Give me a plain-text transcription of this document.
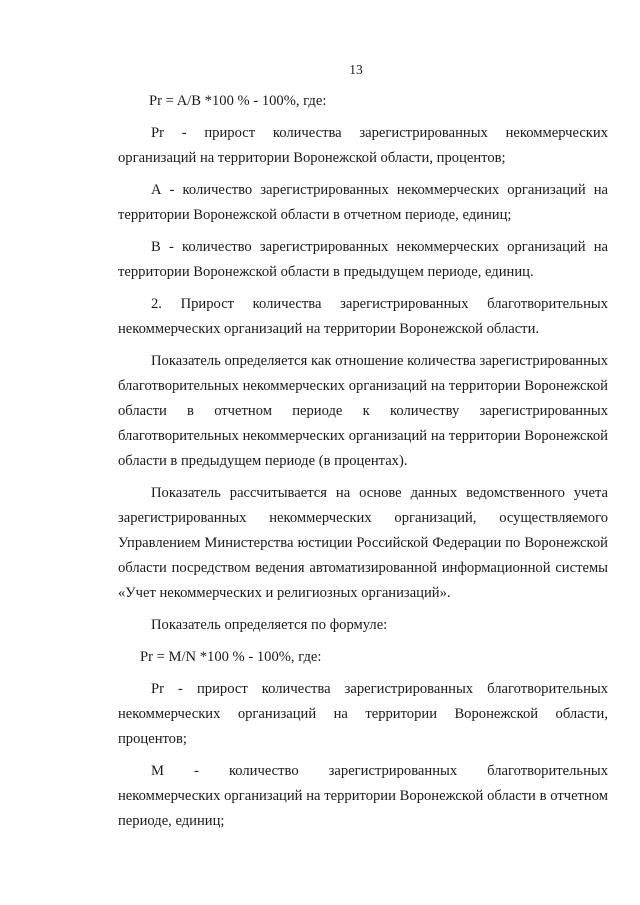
13

Pr = A/B *100 % - 100%, где:

Pr - прирост количества зарегистрированных некоммерческих организаций на территории Воронежской области, процентов;

А - количество зарегистрированных некоммерческих организаций на территории Воронежской области в отчетном периоде, единиц;

В - количество зарегистрированных некоммерческих организаций на территории Воронежской области в предыдущем периоде, единиц.

2. Прирост количества зарегистрированных благотворительных некоммерческих организаций на территории Воронежской области.

Показатель определяется как отношение количества зарегистрированных благотворительных некоммерческих организаций на территории Воронежской области в отчетном периоде к количеству зарегистрированных благотворительных некоммерческих организаций на территории Воронежской области в предыдущем периоде (в процентах).

Показатель рассчитывается на основе данных ведомственного учета зарегистрированных некоммерческих организаций, осуществляемого Управлением Министерства юстиции Российской Федерации по Воронежской области посредством ведения автоматизированной информационной системы «Учет некоммерческих и религиозных организаций».

Показатель определяется по формуле:

Pr = M/N *100 % - 100%, где:

Pr - прирост количества зарегистрированных благотворительных некоммерческих организаций на территории Воронежской области, процентов;

М - количество зарегистрированных благотворительных некоммерческих организаций на территории Воронежской области в отчетном периоде, единиц;
